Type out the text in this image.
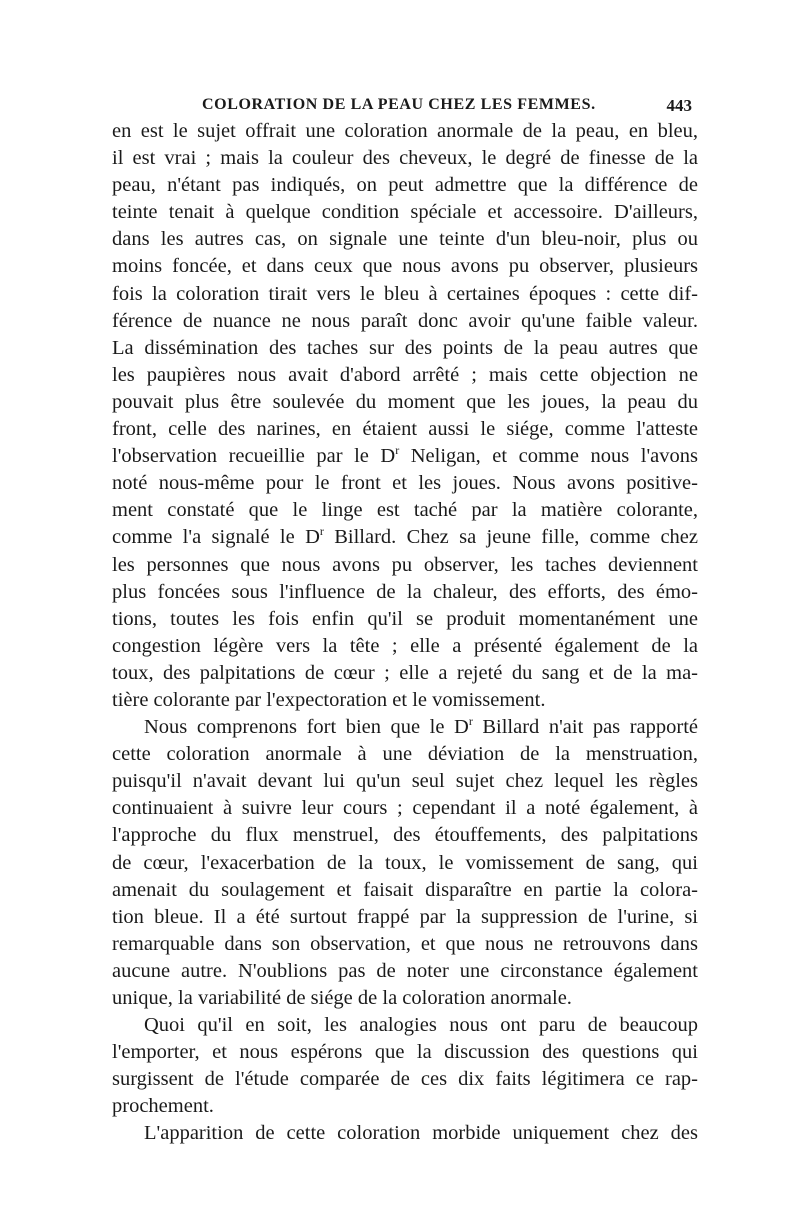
COLORATION DE LA PEAU CHEZ LES FEMMES.	443
en est le sujet offrait une coloration anormale de la peau, en bleu,
il est vrai ; mais la couleur des cheveux, le degré de finesse de la
peau, n'étant pas indiqués, on peut admettre que la différence de
teinte tenait à quelque condition spéciale et accessoire. D'ailleurs,
dans les autres cas, on signale une teinte d'un bleu-noir, plus ou
moins foncée, et dans ceux que nous avons pu observer, plusieurs
fois la coloration tirait vers le bleu à certaines époques : cette dif-
férence de nuance ne nous paraît donc avoir qu'une faible valeur.
La dissémination des taches sur des points de la peau autres que
les paupières nous avait d'abord arrêté ; mais cette objection ne
pouvait plus être soulevée du moment que les joues, la peau du
front, celle des narines, en étaient aussi le siége, comme l'atteste
l'observation recueillie par le $D^r$ Neligan, et comme nous l'avons
noté nous-même pour le front et les joues. Nous avons positive-
ment constaté que le linge est taché par la matière colorante,
comme l'a signalé le $D^r$ Billard. Chez sa jeune fille, comme chez
les personnes que nous avons pu observer, les taches deviennent
plus foncées sous l'influence de la chaleur, des efforts, des émo-
tions, toutes les fois enfin qu'il se produit momentanément une
congestion légère vers la tête ; elle a présenté également de la
toux, des palpitations de cœur ; elle a rejeté du sang et de la ma-
tière colorante par l'expectoration et le vomissement.
Nous comprenons fort bien que le $D^r$ Billard n'ait pas rapporté
cette coloration anormale à une déviation de la menstruation,
puisqu'il n'avait devant lui qu'un seul sujet chez lequel les règles
continuaient à suivre leur cours ; cependant il a noté également, à
l'approche du flux menstruel, des étouffements, des palpitations
de cœur, l'exacerbation de la toux, le vomissement de sang, qui
amenait du soulagement et faisait disparaître en partie la colora-
tion bleue. Il a été surtout frappé par la suppression de l'urine, si
remarquable dans son observation, et que nous ne retrouvons dans
aucune autre. N'oublions pas de noter une circonstance également
unique, la variabilité de siége de la coloration anormale.
Quoi qu'il en soit, les analogies nous ont paru de beaucoup
l'emporter, et nous espérons que la discussion des questions qui
surgissent de l'étude comparée de ces dix faits légitimera ce rap-
prochement.
L'apparition de cette coloration morbide uniquement chez des
